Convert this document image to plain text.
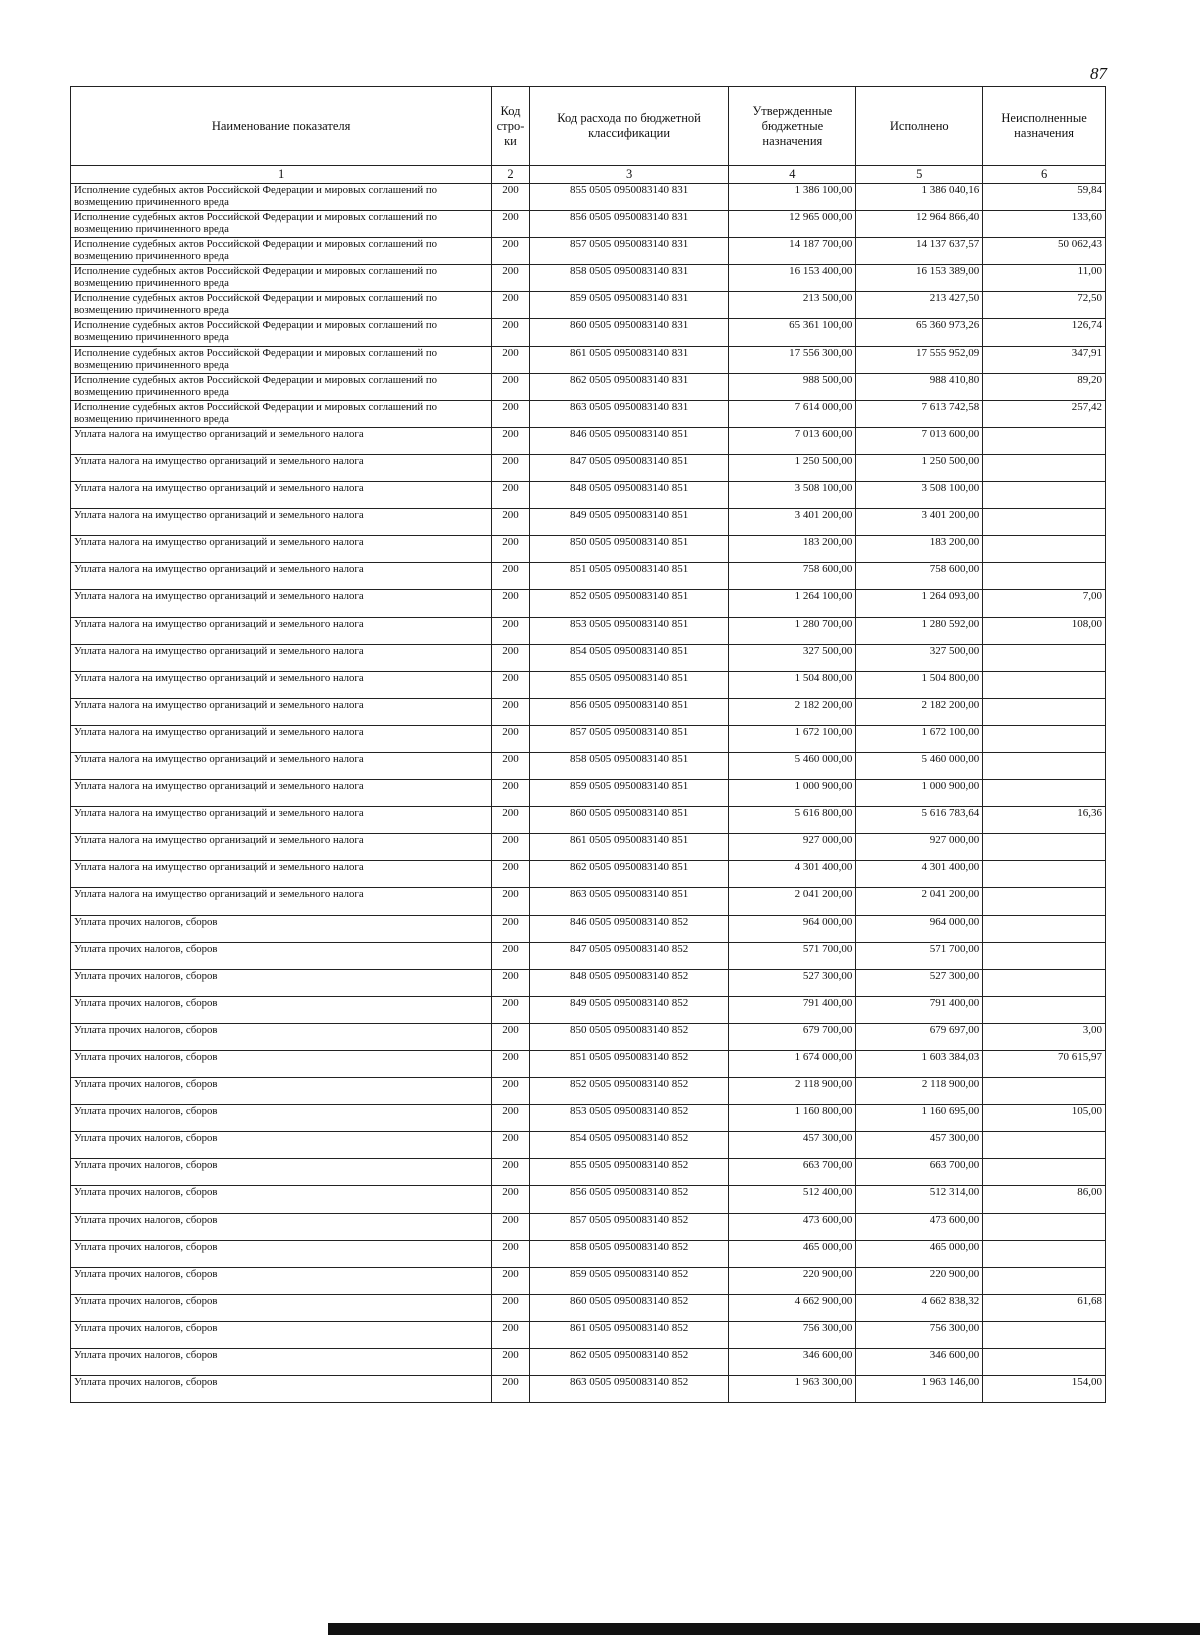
87
Наименование показателя	Код стро-ки	Код расхода по бюджетной классификации	Утвержденные бюджетные назначения	Исполнено	Неисполненные назначения
1	2	3	4	5	6
Исполнение судебных актов Российской Федерации и мировых соглашений по возмещению причиненного вреда	200	855 0505 0950083140 831	1 386 100,00	1 386 040,16	59,84
Исполнение судебных актов Российской Федерации и мировых соглашений по возмещению причиненного вреда	200	856 0505 0950083140 831	12 965 000,00	12 964 866,40	133,60
Исполнение судебных актов Российской Федерации и мировых соглашений по возмещению причиненного вреда	200	857 0505 0950083140 831	14 187 700,00	14 137 637,57	50 062,43
Исполнение судебных актов Российской Федерации и мировых соглашений по возмещению причиненного вреда	200	858 0505 0950083140 831	16 153 400,00	16 153 389,00	11,00
Исполнение судебных актов Российской Федерации и мировых соглашений по возмещению причиненного вреда	200	859 0505 0950083140 831	213 500,00	213 427,50	72,50
Исполнение судебных актов Российской Федерации и мировых соглашений по возмещению причиненного вреда	200	860 0505 0950083140 831	65 361 100,00	65 360 973,26	126,74
Исполнение судебных актов Российской Федерации и мировых соглашений по возмещению причиненного вреда	200	861 0505 0950083140 831	17 556 300,00	17 555 952,09	347,91
Исполнение судебных актов Российской Федерации и мировых соглашений по возмещению причиненного вреда	200	862 0505 0950083140 831	988 500,00	988 410,80	89,20
Исполнение судебных актов Российской Федерации и мировых соглашений по возмещению причиненного вреда	200	863 0505 0950083140 831	7 614 000,00	7 613 742,58	257,42
Уплата налога на имущество организаций и земельного налога	200	846 0505 0950083140 851	7 013 600,00	7 013 600,00	
Уплата налога на имущество организаций и земельного налога	200	847 0505 0950083140 851	1 250 500,00	1 250 500,00	
Уплата налога на имущество организаций и земельного налога	200	848 0505 0950083140 851	3 508 100,00	3 508 100,00	
Уплата налога на имущество организаций и земельного налога	200	849 0505 0950083140 851	3 401 200,00	3 401 200,00	
Уплата налога на имущество организаций и земельного налога	200	850 0505 0950083140 851	183 200,00	183 200,00	
Уплата налога на имущество организаций и земельного налога	200	851 0505 0950083140 851	758 600,00	758 600,00	
Уплата налога на имущество организаций и земельного налога	200	852 0505 0950083140 851	1 264 100,00	1 264 093,00	7,00
Уплата налога на имущество организаций и земельного налога	200	853 0505 0950083140 851	1 280 700,00	1 280 592,00	108,00
Уплата налога на имущество организаций и земельного налога	200	854 0505 0950083140 851	327 500,00	327 500,00	
Уплата налога на имущество организаций и земельного налога	200	855 0505 0950083140 851	1 504 800,00	1 504 800,00	
Уплата налога на имущество организаций и земельного налога	200	856 0505 0950083140 851	2 182 200,00	2 182 200,00	
Уплата налога на имущество организаций и земельного налога	200	857 0505 0950083140 851	1 672 100,00	1 672 100,00	
Уплата налога на имущество организаций и земельного налога	200	858 0505 0950083140 851	5 460 000,00	5 460 000,00	
Уплата налога на имущество организаций и земельного налога	200	859 0505 0950083140 851	1 000 900,00	1 000 900,00	
Уплата налога на имущество организаций и земельного налога	200	860 0505 0950083140 851	5 616 800,00	5 616 783,64	16,36
Уплата налога на имущество организаций и земельного налога	200	861 0505 0950083140 851	927 000,00	927 000,00	
Уплата налога на имущество организаций и земельного налога	200	862 0505 0950083140 851	4 301 400,00	4 301 400,00	
Уплата налога на имущество организаций и земельного налога	200	863 0505 0950083140 851	2 041 200,00	2 041 200,00	
Уплата прочих налогов, сборов	200	846 0505 0950083140 852	964 000,00	964 000,00	
Уплата прочих налогов, сборов	200	847 0505 0950083140 852	571 700,00	571 700,00	
Уплата прочих налогов, сборов	200	848 0505 0950083140 852	527 300,00	527 300,00	
Уплата прочих налогов, сборов	200	849 0505 0950083140 852	791 400,00	791 400,00	
Уплата прочих налогов, сборов	200	850 0505 0950083140 852	679 700,00	679 697,00	3,00
Уплата прочих налогов, сборов	200	851 0505 0950083140 852	1 674 000,00	1 603 384,03	70 615,97
Уплата прочих налогов, сборов	200	852 0505 0950083140 852	2 118 900,00	2 118 900,00	
Уплата прочих налогов, сборов	200	853 0505 0950083140 852	1 160 800,00	1 160 695,00	105,00
Уплата прочих налогов, сборов	200	854 0505 0950083140 852	457 300,00	457 300,00	
Уплата прочих налогов, сборов	200	855 0505 0950083140 852	663 700,00	663 700,00	
Уплата прочих налогов, сборов	200	856 0505 0950083140 852	512 400,00	512 314,00	86,00
Уплата прочих налогов, сборов	200	857 0505 0950083140 852	473 600,00	473 600,00	
Уплата прочих налогов, сборов	200	858 0505 0950083140 852	465 000,00	465 000,00	
Уплата прочих налогов, сборов	200	859 0505 0950083140 852	220 900,00	220 900,00	
Уплата прочих налогов, сборов	200	860 0505 0950083140 852	4 662 900,00	4 662 838,32	61,68
Уплата прочих налогов, сборов	200	861 0505 0950083140 852	756 300,00	756 300,00	
Уплата прочих налогов, сборов	200	862 0505 0950083140 852	346 600,00	346 600,00	
Уплата прочих налогов, сборов	200	863 0505 0950083140 852	1 963 300,00	1 963 146,00	154,00
